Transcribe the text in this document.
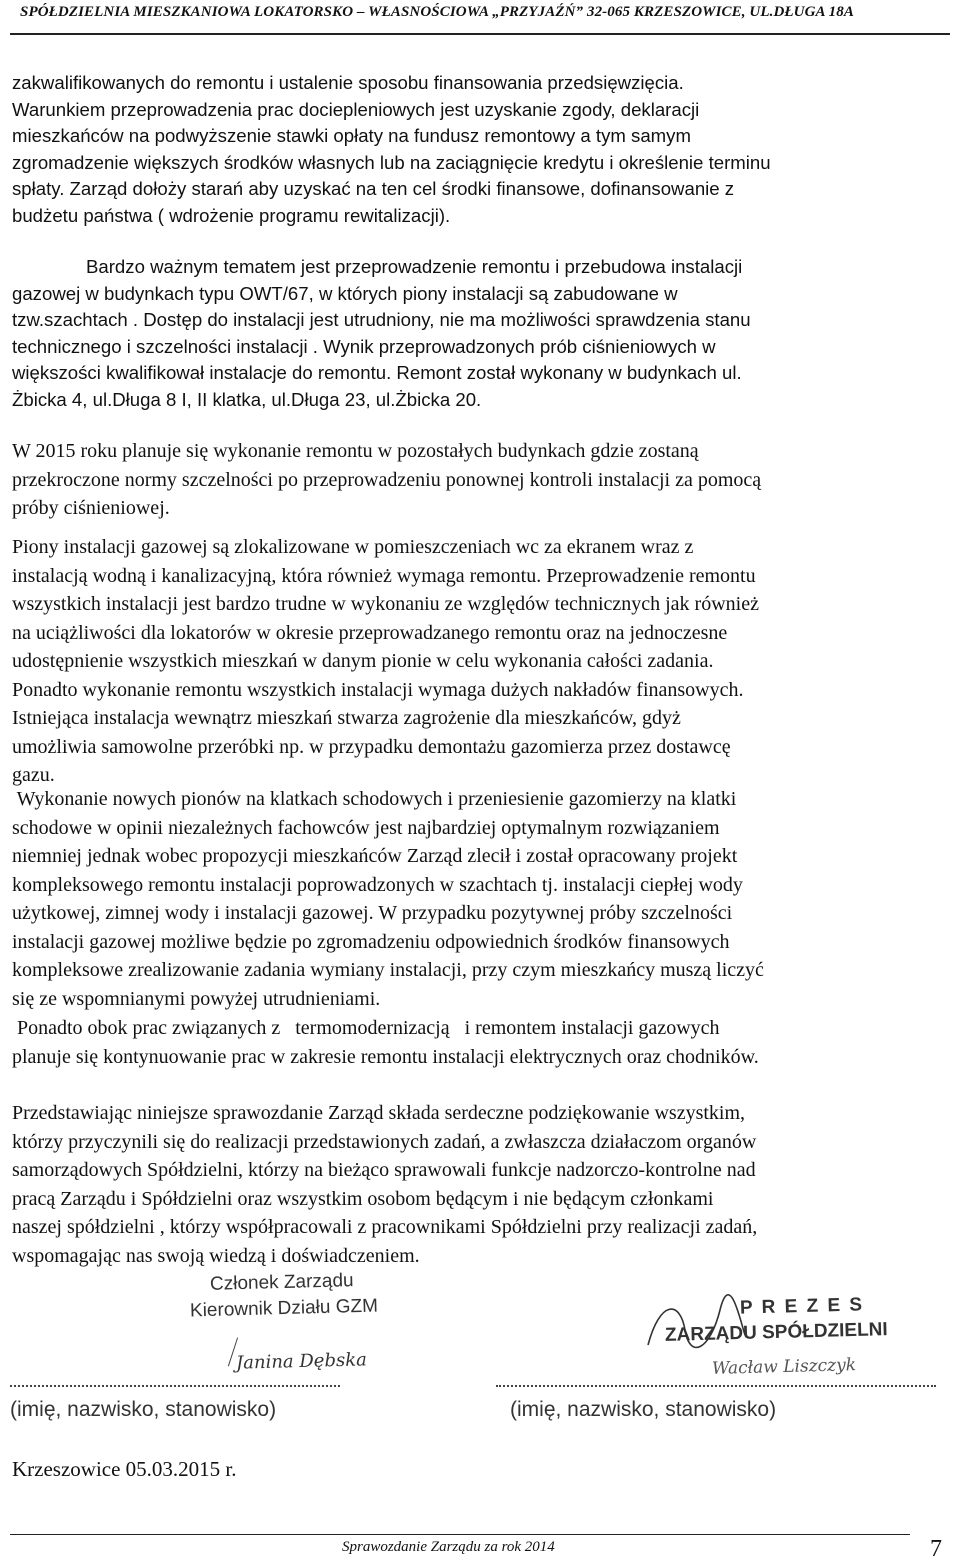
SPÓŁDZIELNIA MIESZKANIOWA LOKATORSKO – WŁASNOŚCIOWA „PRZYJAŹŃ” 32-065 KRZESZOWICE, UL.DŁUGA 18A
zakwalifikowanych do remontu i ustalenie sposobu finansowania przedsięwzięcia.
Warunkiem przeprowadzenia prac dociepleniowych jest uzyskanie zgody, deklaracji
mieszkańców na podwyższenie stawki opłaty na fundusz remontowy a tym samym
zgromadzenie większych środków własnych lub na zaciągnięcie kredytu i określenie terminu
spłaty. Zarząd dołoży starań aby uzyskać na ten cel środki finansowe, dofinansowanie z
budżetu państwa ( wdrożenie programu rewitalizacji).
Bardzo ważnym tematem jest przeprowadzenie remontu i przebudowa instalacji
gazowej w budynkach typu OWT/67, w których piony instalacji są zabudowane w
tzw.szachtach . Dostęp do instalacji jest utrudniony, nie ma możliwości sprawdzenia stanu
technicznego i szczelności instalacji . Wynik przeprowadzonych prób ciśnieniowych w
większości kwalifikował instalacje do remontu. Remont został wykonany w budynkach ul.
Żbicka 4, ul.Długa 8 I, II klatka, ul.Długa 23, ul.Żbicka 20.
W 2015 roku planuje się wykonanie remontu w pozostałych budynkach gdzie zostaną
przekroczone normy szczelności po przeprowadzeniu ponownej kontroli instalacji za pomocą
próby ciśnieniowej.
Piony instalacji gazowej są zlokalizowane w pomieszczeniach wc za ekranem wraz z
instalacją wodną i kanalizacyjną, która również wymaga remontu. Przeprowadzenie remontu
wszystkich instalacji jest bardzo trudne w wykonaniu ze względów technicznych jak również
na uciążliwości dla lokatorów w okresie przeprowadzanego remontu oraz na jednoczesne
udostępnienie wszystkich mieszkań w danym pionie w celu wykonania całości zadania.
Ponadto wykonanie remontu wszystkich instalacji wymaga dużych nakładów finansowych.
Istniejąca instalacja wewnątrz mieszkań stwarza zagrożenie dla mieszkańców, gdyż
umożliwia samowolne przeróbki np. w przypadku demontażu gazomierza przez dostawcę
gazu.
Wykonanie nowych pionów na klatkach schodowych i przeniesienie gazomierzy na klatki
schodowe w opinii niezależnych fachowców jest najbardziej optymalnym rozwiązaniem
niemniej jednak wobec propozycji mieszkańców Zarząd zlecił i został opracowany projekt
kompleksowego remontu instalacji poprowadzonych w szachtach tj. instalacji ciepłej wody
użytkowej, zimnej wody i instalacji gazowej. W przypadku pozytywnej próby szczelności
instalacji gazowej możliwe będzie po zgromadzeniu odpowiednich środków finansowych
kompleksowe zrealizowanie zadania wymiany instalacji, przy czym mieszkańcy muszą liczyć
się ze wspomnianymi powyżej utrudnieniami.
Ponadto obok prac związanych z   termomodernizacją   i remontem instalacji gazowych
planuje się kontynuowanie prac w zakresie remontu instalacji elektrycznych oraz chodników.
Przedstawiając niniejsze sprawozdanie Zarząd składa serdeczne podziękowanie wszystkim,
którzy przyczynili się do realizacji przedstawionych zadań, a zwłaszcza działaczom organów
samorządowych Spółdzielni, którzy na bieżąco sprawowali funkcje nadzorczo-kontrolne nad
pracą Zarządu i Spółdzielni oraz wszystkim osobom będącym i nie będącym członkami
naszej spółdzielni , którzy współpracowali z pracownikami Spółdzielni przy realizacji zadań,
wspomagając nas swoją wiedzą i doświadczeniem.
Członek Zarządu
Kierownik Działu GZM
Janina Dębska
(imię, nazwisko, stanowisko)
P R E Z E S
ZARZĄDU SPÓŁDZIELNI
Wacław Liszczyk
(imię, nazwisko, stanowisko)
Krzeszowice 05.03.2015 r.
Sprawozdanie Zarządu za rok 2014	7
